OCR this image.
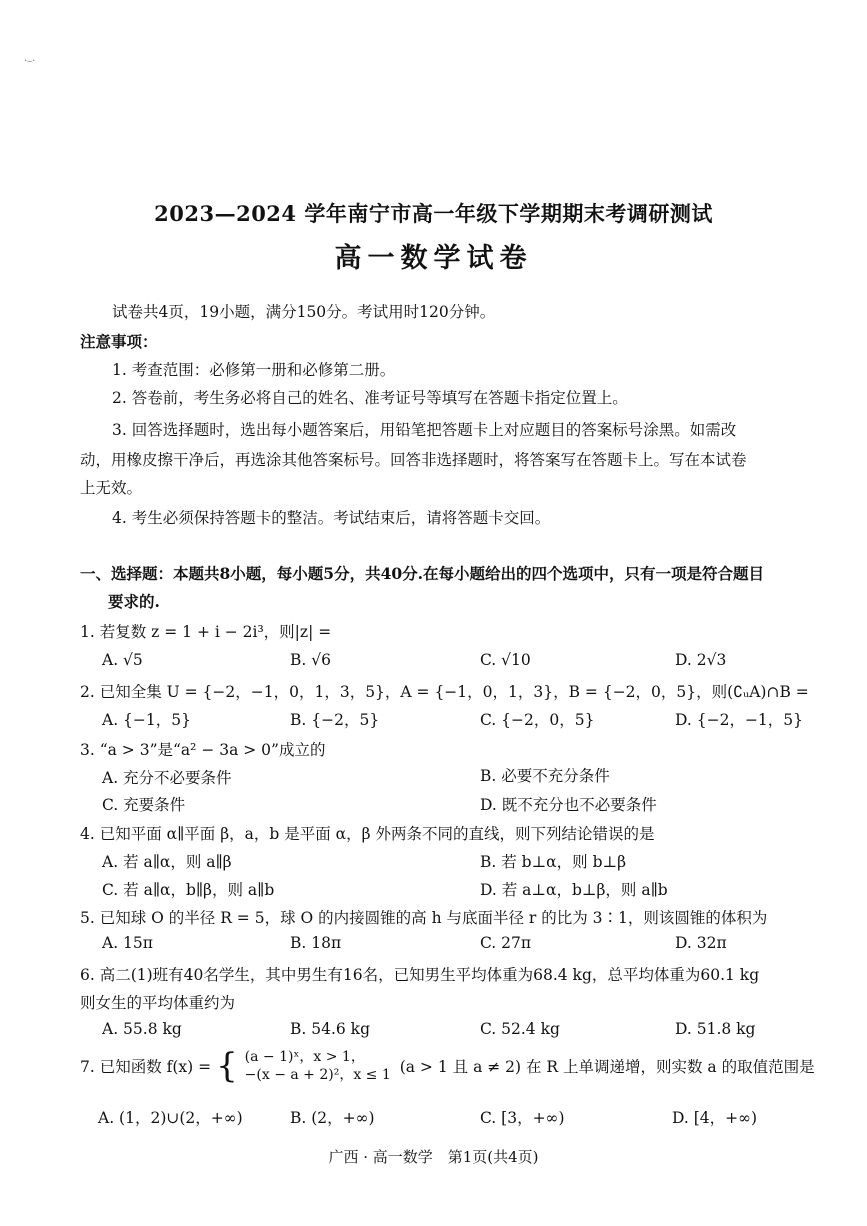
·–·
2023—2024 学年南宁市高一年级下学期期末考调研测试
高一数学试卷
试卷共4页，19小题，满分150分。考试用时120分钟。
注意事项：
1. 考查范围：必修第一册和必修第二册。
2. 答卷前，考生务必将自己的姓名、准考证号等填写在答题卡指定位置上。
3. 回答选择题时，选出每小题答案后，用铅笔把答题卡上对应题目的答案标号涂黑。如需改
动，用橡皮擦干净后，再选涂其他答案标号。回答非选择题时，将答案写在答题卡上。写在本试卷
上无效。
4. 考生必须保持答题卡的整洁。考试结束后，请将答题卡交回。
一、选择题：本题共8小题，每小题5分，共40分.在每小题给出的四个选项中，只有一项是符合题目
要求的.
1. 若复数 z = 1 + i − 2i³，则|z| =
A. √5	B. √6	C. √10	D. 2√3
2. 已知全集 U = {−2，−1，0，1，3，5}，A = {−1，0，1，3}，B = {−2，0，5}，则(∁ᵤA)∩B =
A. {−1，5}	B. {−2，5}	C. {−2，0，5}	D. {−2，−1，5}
3. “a > 3”是“a² − 3a > 0”成立的
A. 充分不必要条件	B. 必要不充分条件
C. 充要条件	D. 既不充分也不必要条件
4. 已知平面 α∥平面 β，a，b 是平面 α，β 外两条不同的直线，则下列结论错误的是
A. 若 a∥α，则 a∥β	B. 若 b⊥α，则 b⊥β
C. 若 a∥α，b∥β，则 a∥b	D. 若 a⊥α，b⊥β，则 a∥b
5. 已知球 O 的半径 R = 5，球 O 的内接圆锥的高 h 与底面半径 r 的比为 3∶1，则该圆锥的体积为
A. 15π	B. 18π	C. 27π	D. 32π
6. 高二(1)班有40名学生，其中男生有16名，已知男生平均体重为68.4 kg，总平均体重为60.1 kg
则女生的平均体重约为
A. 55.8 kg	B. 54.6 kg	C. 52.4 kg	D. 51.8 kg
7. 已知函数 f(x) = { (a − 1)ˣ，x > 1，
−(x − a + 2)²，x ≤ 1 (a > 1 且 a ≠ 2) 在 R 上单调递增，则实数 a 的取值范围是
A. (1，2)∪(2，+∞)	B. (2，+∞)	C. [3，+∞)	D. [4，+∞)
广西 · 高一数学　第1页(共4页)
